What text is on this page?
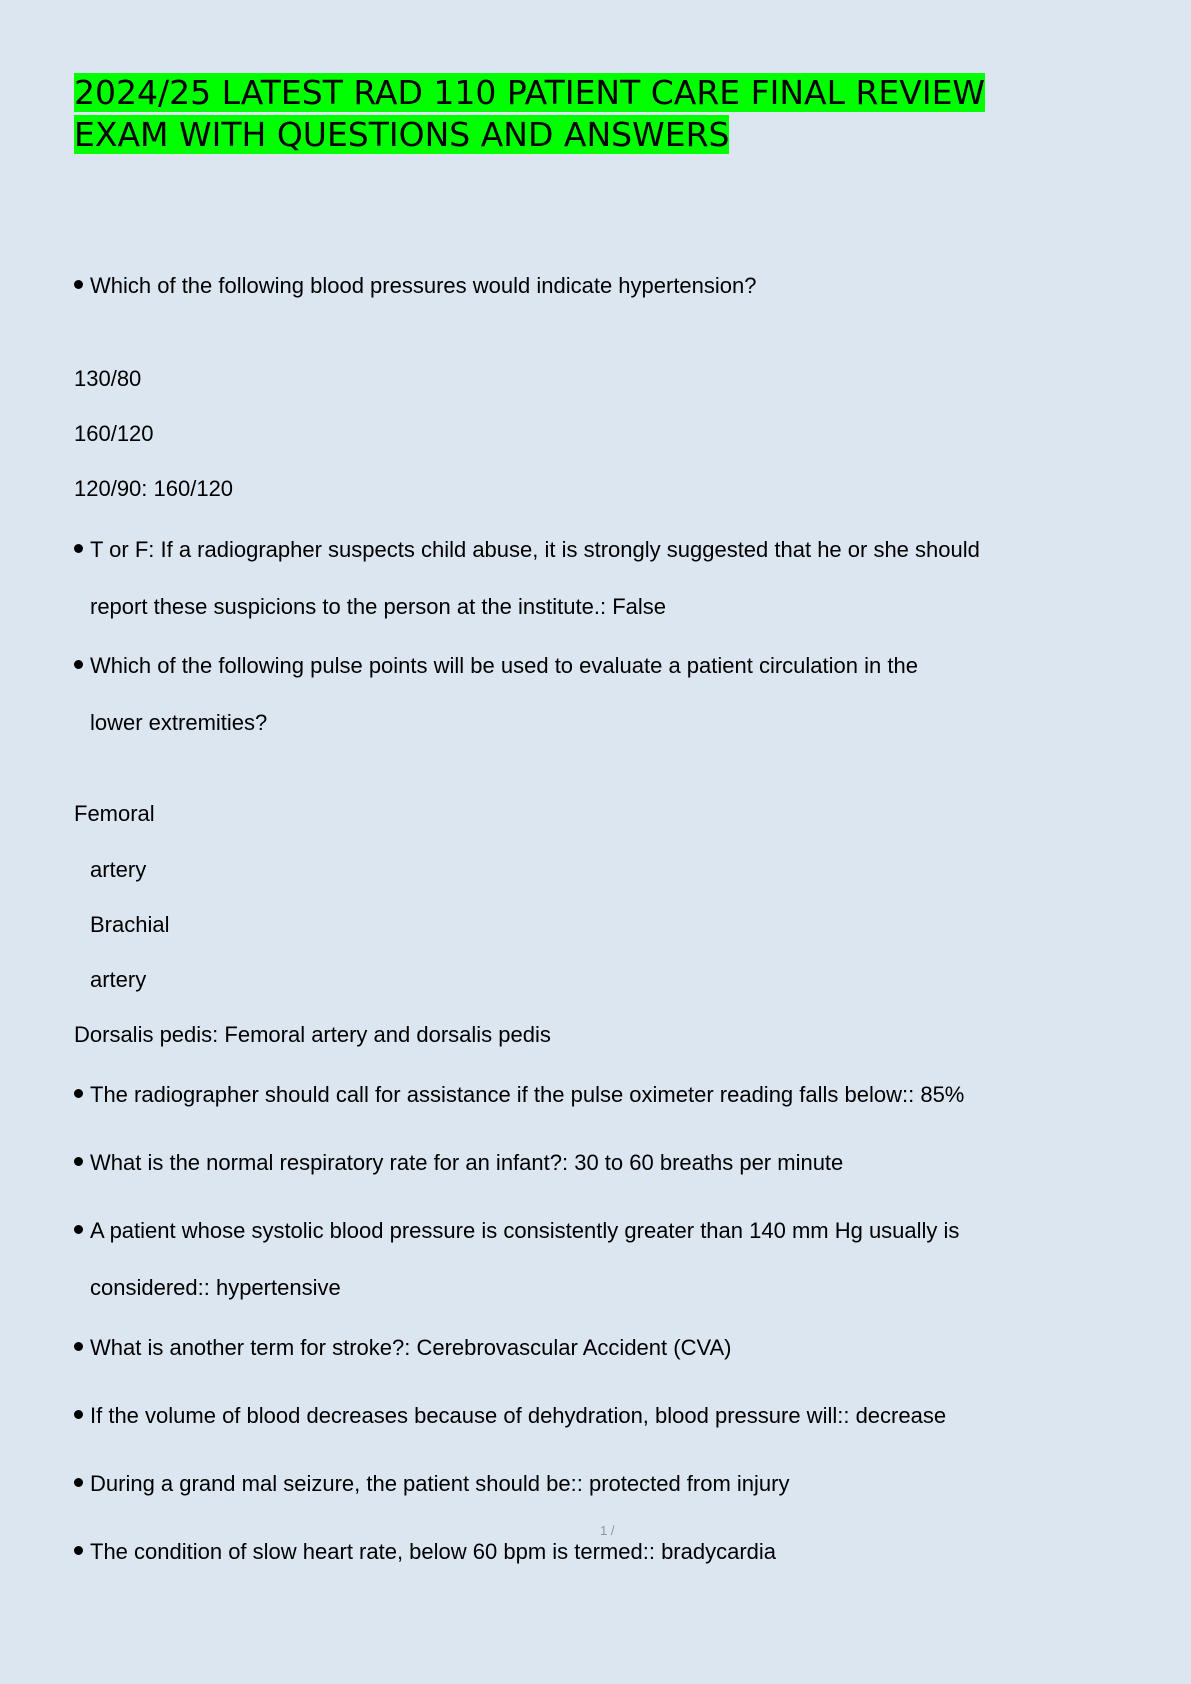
2024/25 LATEST RAD 110 PATIENT CARE FINAL REVIEW
EXAM WITH QUESTIONS AND ANSWERS
Which of the following blood pressures would indicate hypertension?
130/80
160/120
120/90: 160/120
T or F: If a radiographer suspects child abuse, it is strongly suggested that he or she should
report these suspicions to the person at the institute.: False
Which of the following pulse points will be used to evaluate a patient circulation in the
lower extremities?
Femoral
artery
Brachial
artery
Dorsalis pedis: Femoral artery and dorsalis pedis
The radiographer should call for assistance if the pulse oximeter reading falls below:: 85%
What is the normal respiratory rate for an infant?: 30 to 60 breaths per minute
A patient whose systolic blood pressure is consistently greater than 140 mm Hg usually is
considered:: hypertensive
What is another term for stroke?: Cerebrovascular Accident (CVA)
If the volume of blood decreases because of dehydration, blood pressure will:: decrease
During a grand mal seizure, the patient should be:: protected from injury
1 /
The condition of slow heart rate, below 60 bpm is termed:: bradycardia
